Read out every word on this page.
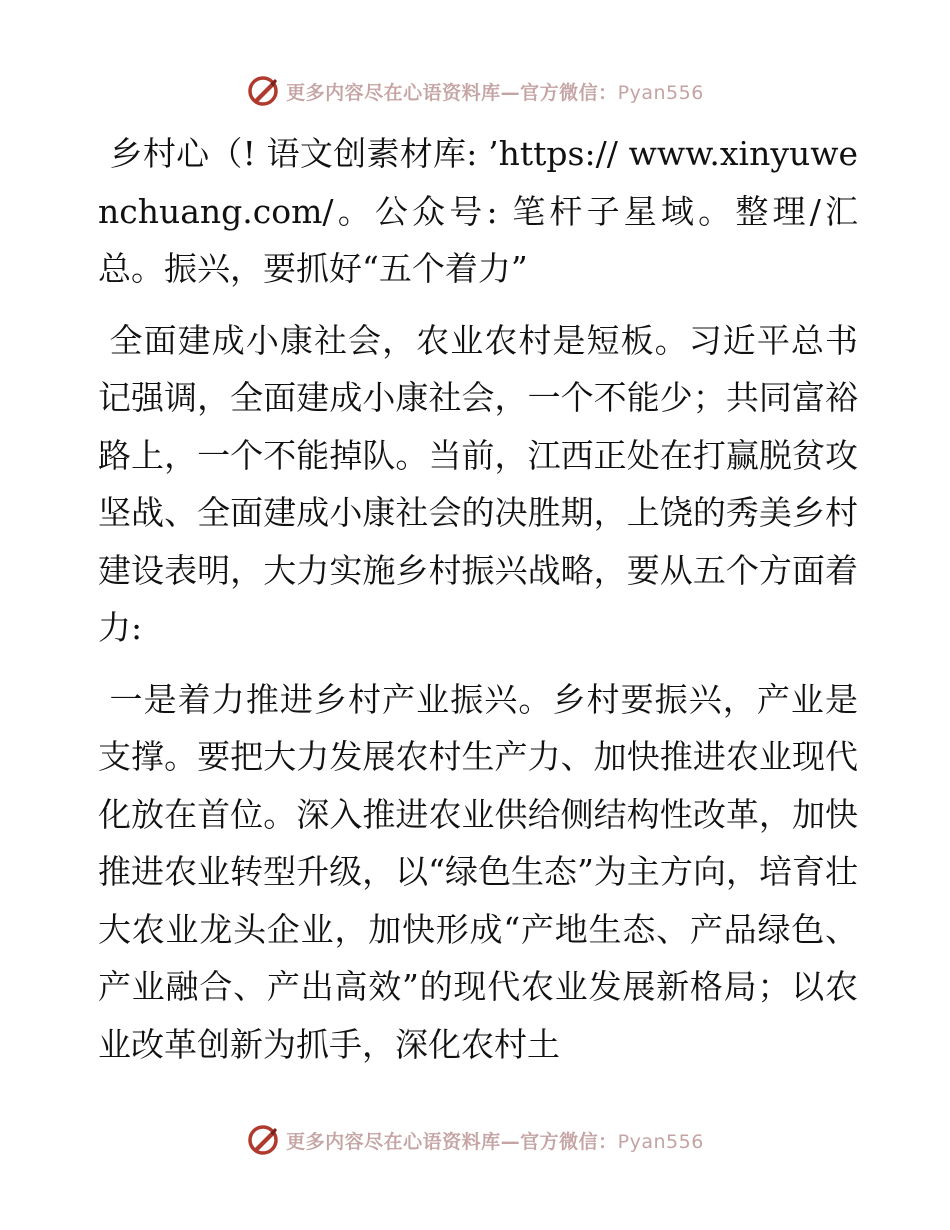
更多内容尽在心语资料库—官方微信：Pyan556

乡村心（! 语文创素材库: ’https:// www.xinyuwenchuang.com/。公众号: 笔杆子星域。整理/汇总。振兴，要抓好“五个着力”

全面建成小康社会，农业农村是短板。习近平总书记强调，全面建成小康社会，一个不能少；共同富裕路上，一个不能掉队。当前，江西正处在打赢脱贫攻坚战、全面建成小康社会的决胜期，上饶的秀美乡村建设表明，大力实施乡村振兴战略，要从五个方面着力:

一是着力推进乡村产业振兴。乡村要振兴，产业是支撑。要把大力发展农村生产力、加快推进农业现代化放在首位。深入推进农业供给侧结构性改革，加快推进农业转型升级，以“绿色生态”为主方向，培育壮大农业龙头企业，加快形成“产地生态、产品绿色、产业融合、产出高效”的现代农业发展新格局；以农业改革创新为抓手，深化农村土

更多内容尽在心语资料库—官方微信：Pyan556
